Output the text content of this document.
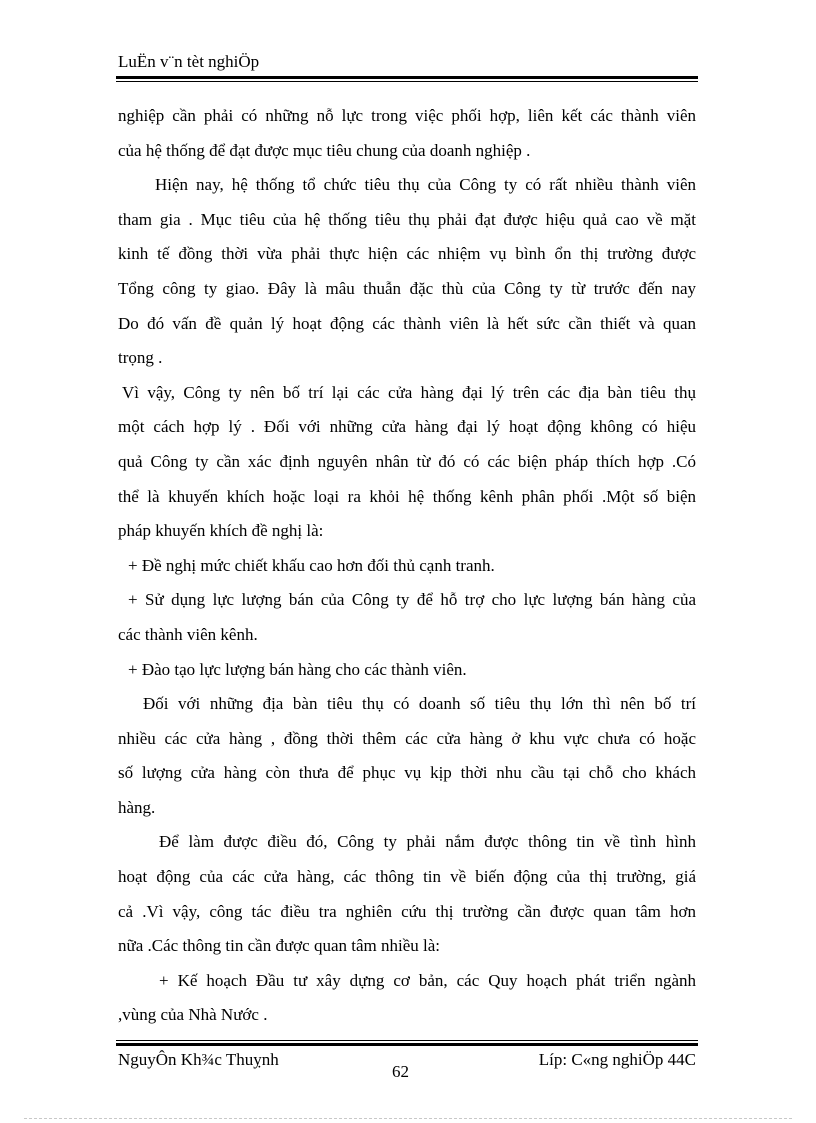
LuËn v¨n tèt nghiÖp
nghiệp cần phải có những nỗ lực trong việc phối hợp, liên kết các thành viên
của hệ thống để đạt được mục tiêu chung của doanh nghiệp .
Hiện nay, hệ thống tổ chức tiêu thụ của Công ty có rất nhiều thành viên
tham gia . Mục tiêu của hệ thống tiêu thụ phải đạt được hiệu quả cao về mặt
kinh tế đồng thời vừa phải thực hiện các nhiệm vụ bình ổn thị trường được
Tổng công ty giao. Đây là mâu thuẫn đặc thù của Công ty từ trước đến nay
Do đó vấn đề quản lý hoạt động các thành viên là hết sức cần thiết và quan
trọng .
Vì vậy, Công ty nên bố trí lại các cửa hàng đại lý trên các địa bàn tiêu thụ
một cách hợp lý . Đối với những cửa hàng đại lý hoạt động không có hiệu
quả Công ty cần xác định nguyên nhân từ đó có các biện pháp thích hợp .Có
thể là khuyến khích hoặc loại ra khỏi hệ thống kênh phân phối .Một số biện
pháp khuyến khích đề nghị là:
+ Đề nghị mức chiết khấu cao hơn đối thủ cạnh tranh.
+ Sử dụng lực lượng bán của Công ty để hỗ trợ cho lực lượng bán hàng của
các thành viên kênh.
+ Đào tạo lực lượng bán hàng cho các thành viên.
Đối với những địa bàn tiêu thụ có doanh số tiêu thụ lớn thì nên bố trí
nhiều các cửa hàng , đồng thời thêm các cửa hàng ở khu vực chưa có hoặc
số lượng cửa hàng còn thưa để phục vụ kịp thời nhu cầu tại chỗ cho khách
hàng.
Để làm được điều đó, Công ty phải nắm được thông tin về tình hình
hoạt động của các cửa hàng, các thông tin về biến động của thị trường, giá
cả .Vì vậy, công tác điều tra nghiên cứu thị trường cần được quan tâm hơn
nữa .Các thông tin cần được quan tâm nhiều là:
+ Kế hoạch Đầu tư xây dựng cơ bản, các Quy hoạch phát triển ngành
,vùng của Nhà Nước .
NguyÔn Kh¾c Thuỵnh
62
Líp: C«ng nghiÖp 44C
